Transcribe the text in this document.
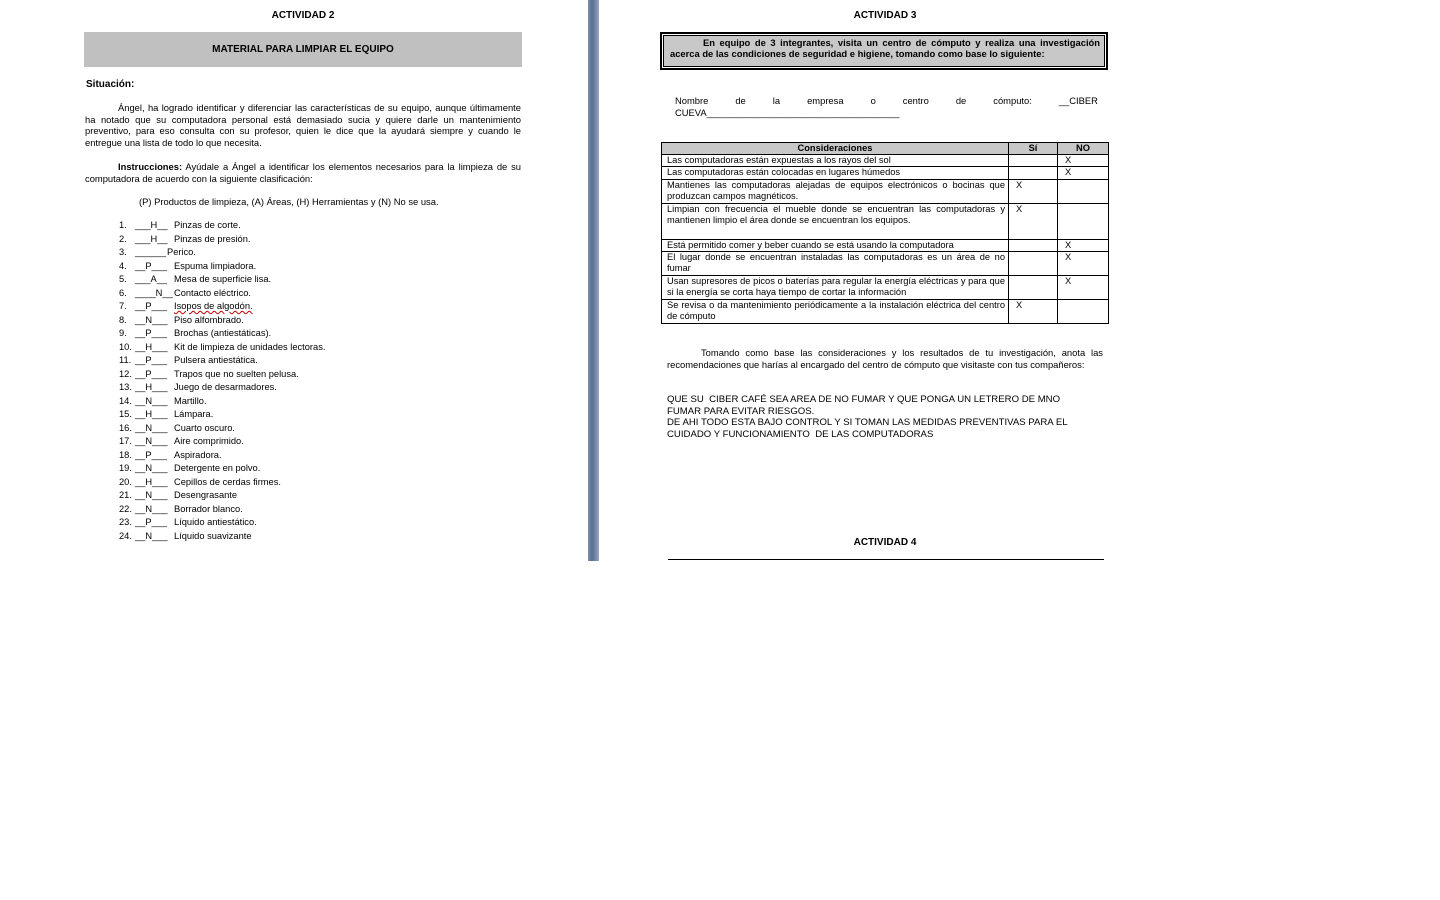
ACTIVIDAD 2
MATERIAL PARA LIMPIAR EL EQUIPO
Situación:
Ángel, ha logrado identificar y diferenciar las características de su equipo, aunque últimamente ha notado que su computadora personal está demasiado sucia y quiere darle un mantenimiento preventivo, para eso consulta con su profesor, quien le dice que la ayudará siempre y cuando le entregue una lista de todo lo que necesita.
Instrucciones: Ayúdale a Ángel a identificar los elementos necesarios para la limpieza de su computadora de acuerdo con la siguiente clasificación:
(P) Productos de limpieza, (A) Áreas, (H) Herramientas y (N) No se usa.
1. ___H__ Pinzas de corte.
2. ___H__ Pinzas de presión.
3. ______Perico.
4. __P___ Espuma limpiadora.
5. ___A__ Mesa de superficie lisa.
6. ____N__Contacto eléctrico.
7. __P___ Isopos de algodón.
8. __N___ Piso alfombrado.
9. __P___ Brochas (antiestáticas).
10. __H___ Kit de limpieza de unidades lectoras.
11. __P___ Pulsera antiestática.
12. __P___ Trapos que no suelten pelusa.
13. __H___ Juego de desarmadores.
14. __N___ Martillo.
15. __H___ Lámpara.
16. __N___ Cuarto oscuro.
17. __N___ Aire comprimido.
18. __P___ Aspiradora.
19. __N___ Detergente en polvo.
20. __H___ Cepillos de cerdas firmes.
21. __N___ Desengrasante
22. __N___ Borrador blanco.
23. __P___ Líquido antiestático.
24. __N___ Líquido suavizante
ACTIVIDAD 3
En equipo de 3 integrantes, visita un centro de cómputo y realiza una investigación acerca de las condiciones de seguridad e higiene, tomando como base lo siguiente:
Nombre	de	la	empresa	o	centro	de	cómputo:	__CIBER
CUEVA_____________________________________
Consideraciones	Sí	NO
Las computadoras están expuestas a los rayos del sol		X
Las computadoras están colocadas en lugares húmedos		X
Mantienes las computadoras alejadas de equipos electrónicos o bocinas que produzcan campos magnéticos.	X	
Limpian con frecuencia el mueble donde se encuentran las computadoras y mantienen limpio el área donde se encuentran los equipos.	X	
Está permitido comer y beber cuando se está usando la computadora		X
El lugar donde se encuentran instaladas las computadoras es un área de no fumar		X
Usan supresores de picos o baterías para regular la energía eléctricas y para que si la energía se corta haya tiempo de cortar la información		X
Se revisa o da mantenimiento periódicamente a la instalación eléctrica del centro de cómputo	X	
Tomando como base las consideraciones y los resultados de tu investigación, anota las recomendaciones que harías al encargado del centro de cómputo que visitaste con tus compañeros:
QUE SU  CIBER CAFÉ SEA AREA DE NO FUMAR Y QUE PONGA UN LETRERO DE MNO
FUMAR PARA EVITAR RIESGOS.
DE AHI TODO ESTA BAJO CONTROL Y SI TOMAN LAS MEDIDAS PREVENTIVAS PARA EL
CUIDADO Y FUNCIONAMIENTO  DE LAS COMPUTADORAS
ACTIVIDAD 4
